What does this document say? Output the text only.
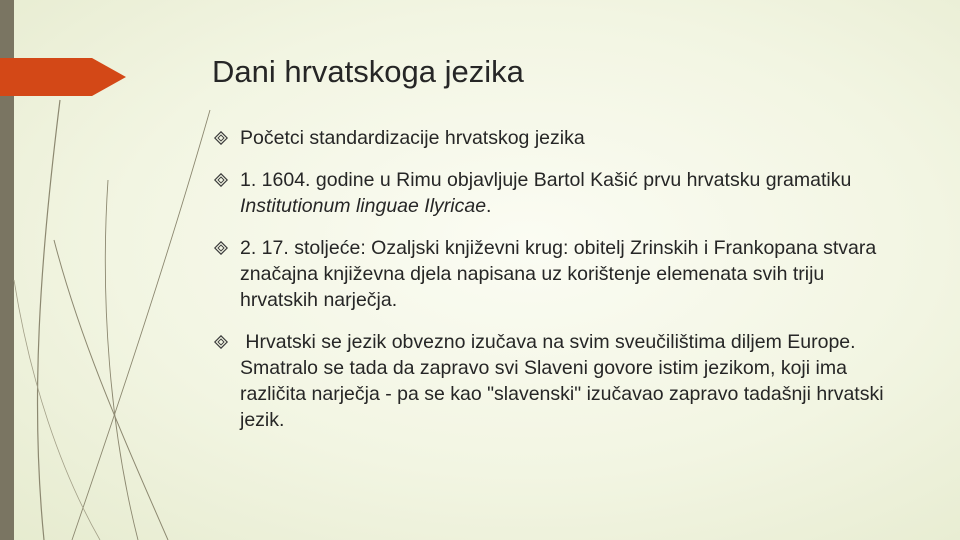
Dani hrvatskoga jezika
Početci standardizacije hrvatskog jezika
1. 1604. godine u Rimu objavljuje Bartol Kašić prvu hrvatsku gramatiku Institutionum linguae Ilyricae.
2. 17. stoljeće: Ozaljski književni krug: obitelj Zrinskih i Frankopana stvara značajna književna djela napisana uz korištenje elemenata svih triju hrvatskih narječja.
Hrvatski se jezik obvezno izučava na svim sveučilištima diljem Europe. Smatralo se tada da zapravo svi Slaveni govore istim jezikom, koji ima različita narječja - pa se kao "slavenski" izučavao zapravo tadašnji hrvatski jezik.
